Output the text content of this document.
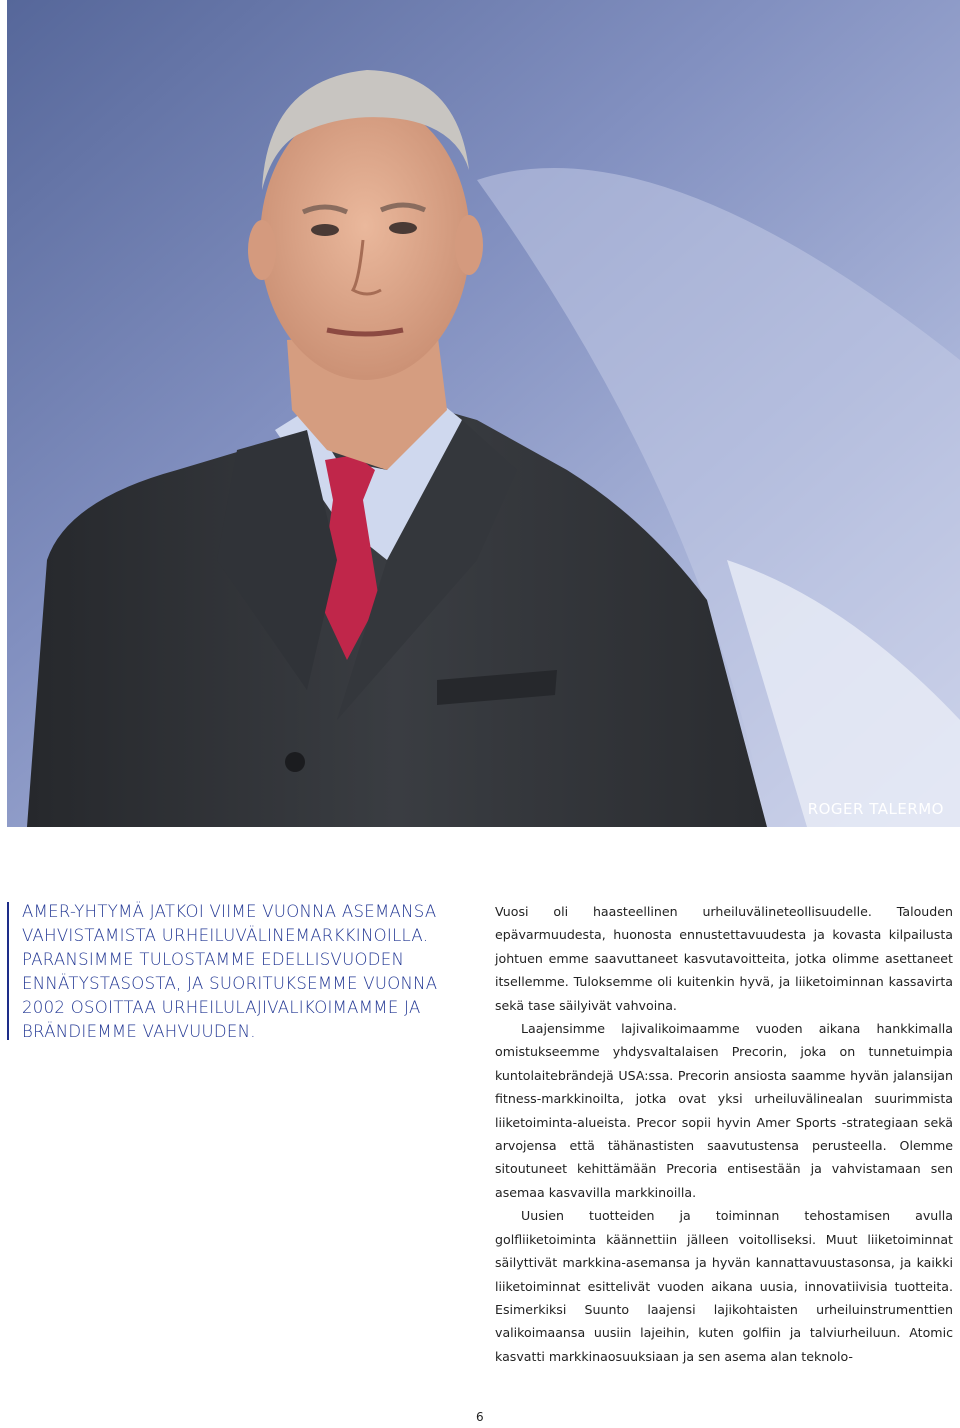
ROGER TALERMO
AMER-YHTYMÄ JATKOI VIIME VUONNA ASEMANSA VAHVISTAMISTA URHEILUVÄLINEMARKKINOILLA. PARANSIMME TULOSTAMME EDELLISVUODEN ENNÄTYSTASOSTA, JA SUORITUKSEMME VUONNA 2002 OSOITTAA URHEILULAJIVALIKOIMAMME JA BRÄNDIEMME VAHVUUDEN.

Vuosi oli haasteellinen urheiluvälineteollisuudelle. Talouden epävarmuudesta, huonosta ennustettavuudesta ja kovasta kilpailusta johtuen emme saavuttaneet kasvutavoitteita, jotka olimme asettaneet itsellemme. Tuloksemme oli kuitenkin hyvä, ja liiketoiminnan kassavirta sekä tase säilyivät vahvoina.

Laajensimme lajivalikoimaamme vuoden aikana hankkimalla omistukseemme yhdysvaltalaisen Precorin, joka on tunnetuimpia kuntolaitebrändejä USA:ssa. Precorin ansiosta saamme hyvän jalansijan fitness-markkinoilta, jotka ovat yksi urheiluvälinealan suurimmista liiketoiminta-alueista. Precor sopii hyvin Amer Sports -strategiaan sekä arvojensa että tähänastisten saavutustensa perusteella. Olemme sitoutuneet kehittämään Precoria entisestään ja vahvistamaan sen asemaa kasvavilla markkinoilla.

Uusien tuotteiden ja toiminnan tehostamisen avulla golfliiketoiminta käännettiin jälleen voitolliseksi. Muut liiketoiminnat säilyttivät markkina-asemansa ja hyvän kannattavuustasonsa, ja kaikki liiketoiminnat esittelivät vuoden aikana uusia, innovatiivisia tuotteita. Esimerkiksi Suunto laajensi lajikohtaisten urheiluinstrumenttien valikoimaansa uusiin lajeihin, kuten golfiin ja talviurheiluun. Atomic kasvatti markkinaosuuksiaan ja sen asema alan teknolo-

6
